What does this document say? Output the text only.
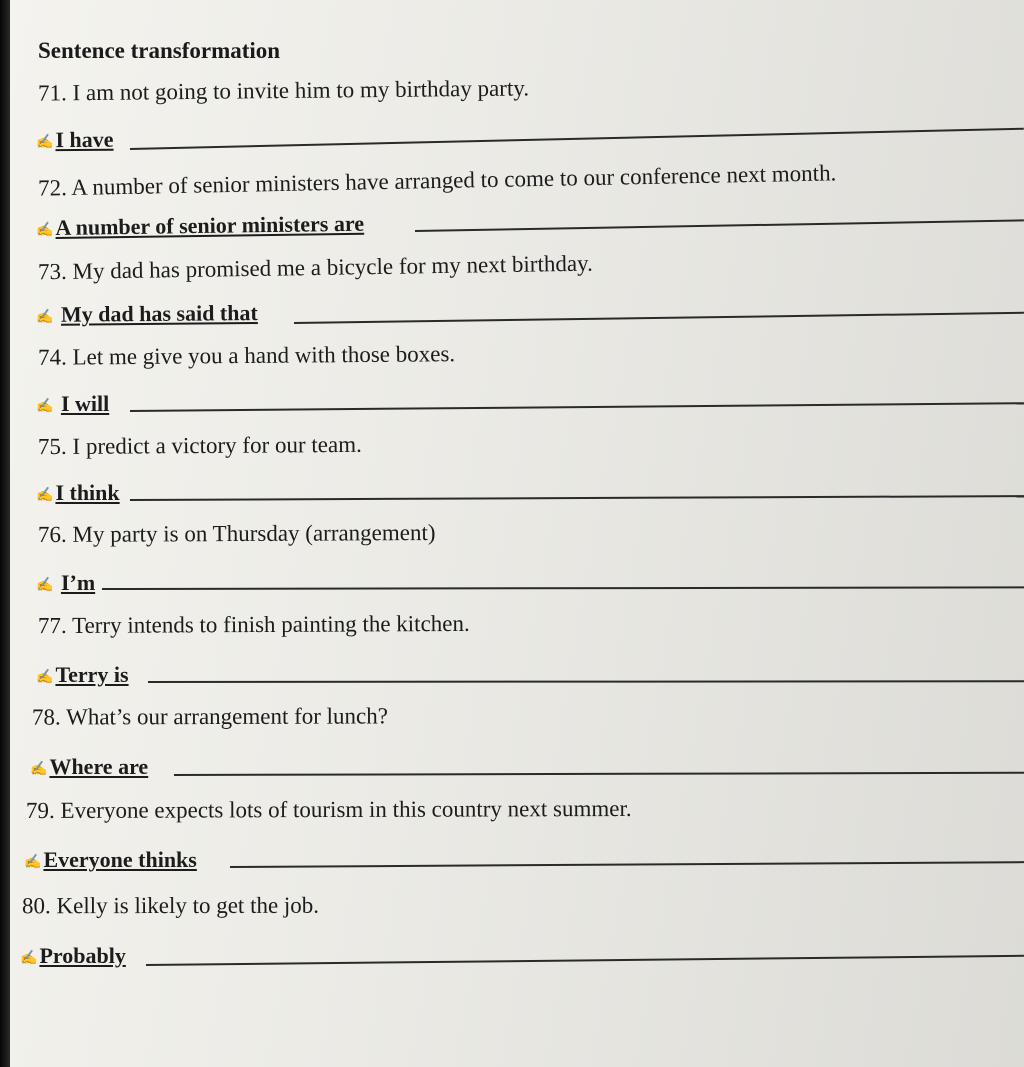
Sentence transformation
71. I am not going to invite him to my birthday party.
✍I have
72. A number of senior ministers have arranged to come to our conference next month.
✍A number of senior ministers are
73. My dad has promised me a bicycle for my next birthday.
✍ My dad has said that
74. Let me give you a hand with those boxes.
✍ I will
75. I predict a victory for our team.
✍I think
76. My party is on Thursday (arrangement)
✍ I’m
77. Terry intends to finish painting the kitchen.
✍Terry is
78. What’s our arrangement for lunch?
✍Where are
79. Everyone expects lots of tourism in this country next summer.
✍Everyone thinks
80. Kelly is likely to get the job.
✍Probably
